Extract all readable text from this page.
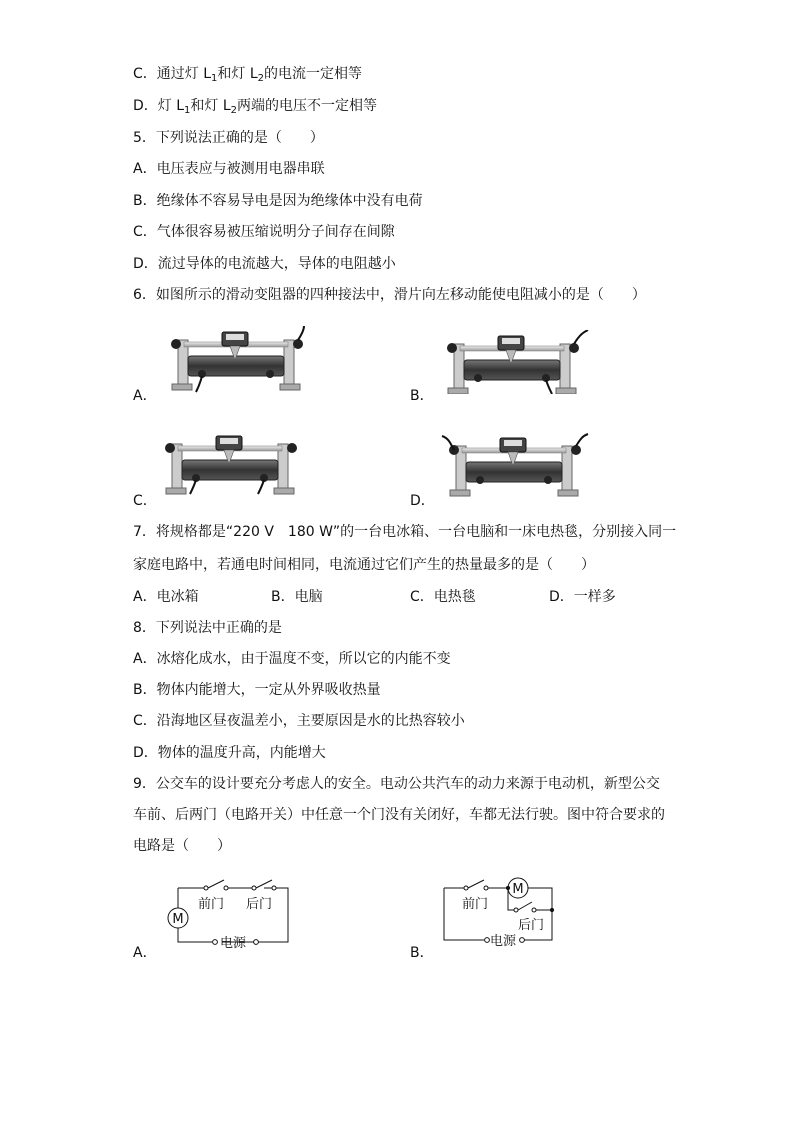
C．通过灯 $L_1$和灯 $L_2$的电流一定相等
D．灯 $L_1$和灯 $L_2$两端的电压不一定相等
5．下列说法正确的是（　　）
A．电压表应与被测用电器串联
B．绝缘体不容易导电是因为绝缘体中没有电荷
C．气体很容易被压缩说明分子间存在间隙
D．流过导体的电流越大，导体的电阻越小
6．如图所示的滑动变阻器的四种接法中，滑片向左移动能使电阻减小的是（　　）
A．	B．
C．	D．
7．将规格都是“220 V　180 W”的一台电冰箱、一台电脑和一床电热毯，分别接入同一
家庭电路中，若通电时间相同，电流通过它们产生的热量最多的是（　　）
A．电冰箱	B．电脑	C．电热毯	D．一样多
8．下列说法中正确的是
A．冰熔化成水，由于温度不变，所以它的内能不变
B．物体内能增大，一定从外界吸收热量
C．沿海地区昼夜温差小，主要原因是水的比热容较小
D．物体的温度升高，内能增大
9．公交车的设计要充分考虑人的安全。电动公共汽车的动力来源于电动机，新型公交
车前、后两门（电路开关）中任意一个门没有关闭好，车都无法行驶。图中符合要求的
电路是（　　）
M
前门 后门
电源
A．
M
前门
后门
电源
B．
